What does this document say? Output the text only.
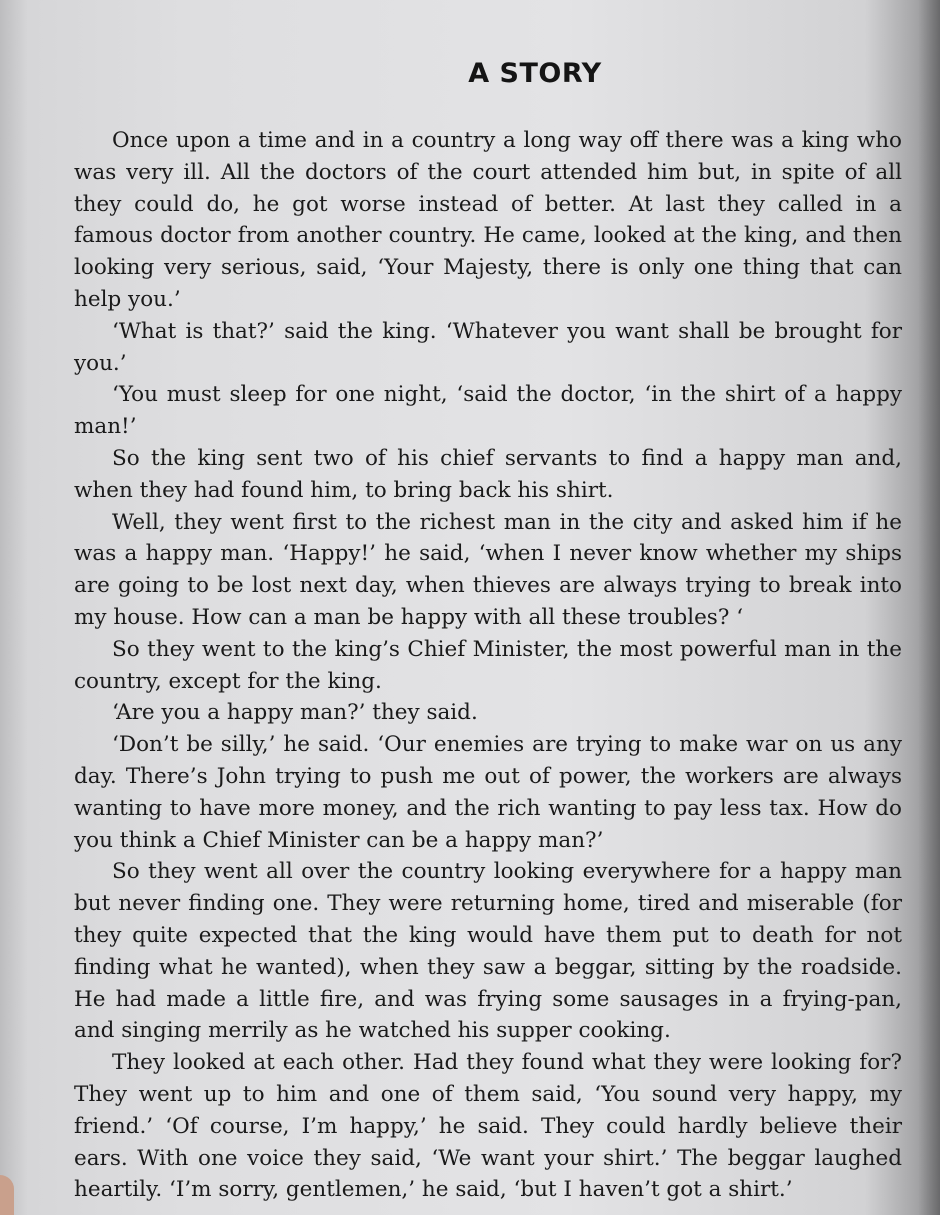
A STORY

Once upon a time and in a country a long way off there was a king who was very ill. All the doctors of the court attended him but, in spite of all they could do, he got worse instead of better. At last they called in a famous doctor from another country. He came, looked at the king, and then looking very serious, said, ‘Your Majesty, there is only one thing that can help you.’

‘What is that?’ said the king. ‘Whatever you want shall be brought for you.’

‘You must sleep for one night, ‘said the doctor, ‘in the shirt of a happy man!’

So the king sent two of his chief servants to find a happy man and, when they had found him, to bring back his shirt.

Well, they went first to the richest man in the city and asked him if he was a happy man. ‘Happy!’ he said, ‘when I never know whether my ships are going to be lost next day, when thieves are always trying to break into my house. How can a man be happy with all these troubles? ‘

So they went to the king’s Chief Minister, the most powerful man in the country, except for the king.

‘Are you a happy man?’ they said.

‘Don’t be silly,’ he said. ‘Our enemies are trying to make war on us any day. There’s John trying to push me out of power, the workers are always wanting to have more money, and the rich wanting to pay less tax. How do you think a Chief Minister can be a happy man?’

So they went all over the country looking everywhere for a happy man but never finding one. They were returning home, tired and miserable (for they quite expected that the king would have them put to death for not finding what he wanted), when they saw a beggar, sitting by the roadside. He had made a little fire, and was frying some sausages in a frying-pan, and singing merrily as he watched his supper cooking.

They looked at each other. Had they found what they were looking for? They went up to him and one of them said, ‘You sound very happy, my friend.’ ‘Of course, I’m happy,’ he said. They could hardly believe their ears. With one voice they said, ‘We want your shirt.’ The beggar laughed heartily. ‘I’m sorry, gentlemen,’ he said, ‘but I haven’t got a shirt.’
